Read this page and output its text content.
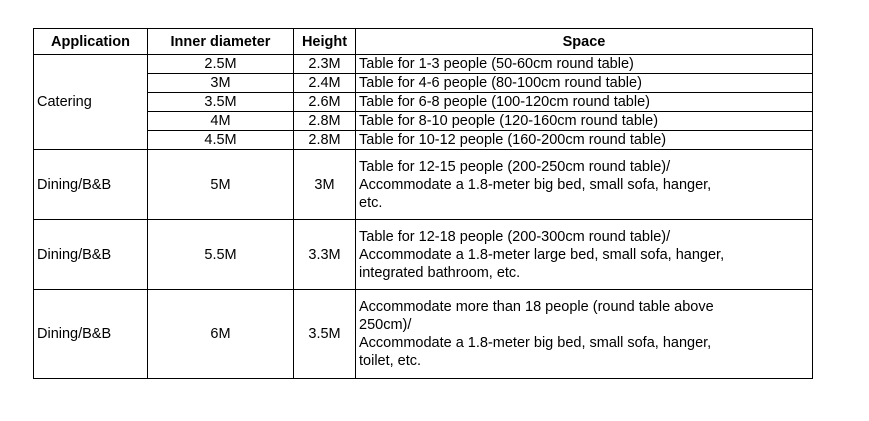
Application	Inner diameter	Height	Space
Catering	2.5M	2.3M	Table for 1-3 people (50-60cm round table)
	3M	2.4M	Table for 4-6 people (80-100cm round table)
	3.5M	2.6M	Table for 6-8 people (100-120cm round table)
	4M	2.8M	Table for 8-10 people (120-160cm round table)
	4.5M	2.8M	Table for 10-12 people (160-200cm round table)
Dining/B&B	5M	3M	Table for 12-15 people (200-250cm round table)/
Accommodate a 1.8-meter big bed, small sofa, hanger,
etc.

Dining/B&B	5.5M	3.3M	Table for 12-18 people (200-300cm round table)/
Accommodate a 1.8-meter large bed, small sofa, hanger,
integrated bathroom, etc.

Dining/B&B	6M	3.5M	Accommodate more than 18 people (round table above
250cm)/
Accommodate a 1.8-meter big bed, small sofa, hanger,
toilet, etc.
